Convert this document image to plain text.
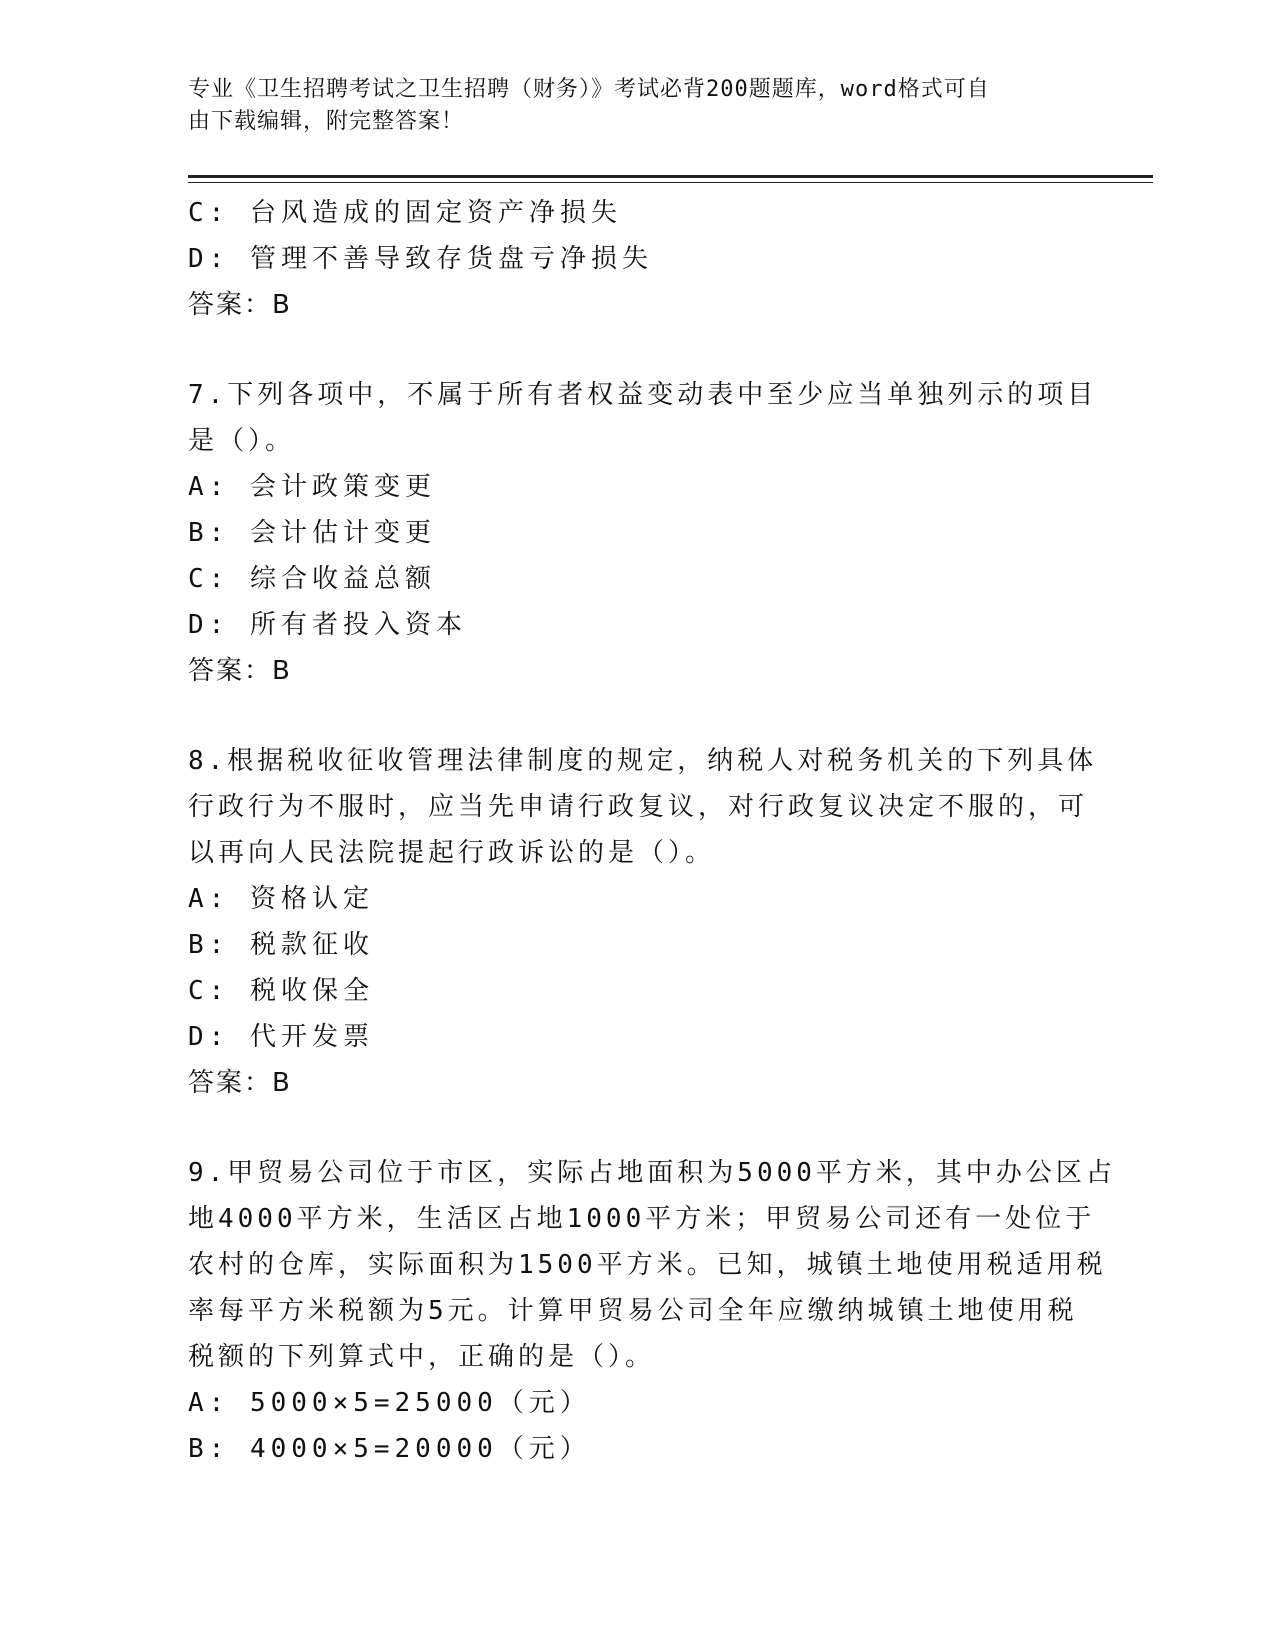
专业《卫生招聘考试之卫生招聘（财务）》考试必背200题题库，word格式可自
由下载编辑，附完整答案！
C: 台风造成的固定资产净损失
D: 管理不善导致存货盘亏净损失
答案：B
7.下列各项中，不属于所有者权益变动表中至少应当单独列示的项目
是（）。
A: 会计政策变更
B: 会计估计变更
C: 综合收益总额
D: 所有者投入资本
答案：B
8.根据税收征收管理法律制度的规定，纳税人对税务机关的下列具体
行政行为不服时，应当先申请行政复议，对行政复议决定不服的，可
以再向人民法院提起行政诉讼的是（）。
A: 资格认定
B: 税款征收
C: 税收保全
D: 代开发票
答案：B
9.甲贸易公司位于市区，实际占地面积为5000平方米，其中办公区占
地4000平方米，生活区占地1000平方米；甲贸易公司还有一处位于
农村的仓库，实际面积为1500平方米。已知，城镇土地使用税适用税
率每平方米税额为5元。计算甲贸易公司全年应缴纳城镇土地使用税
税额的下列算式中，正确的是（）。
A: 5000×5=25000（元）
B: 4000×5=20000（元）
